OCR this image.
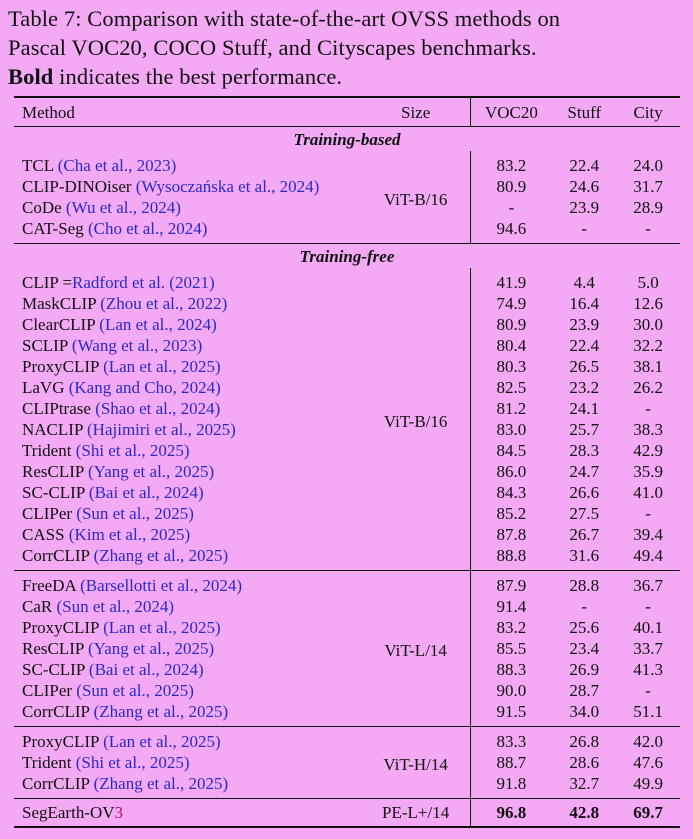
Table 7: Comparison with state-of-the-art OVSS methods on
Pascal VOC20, COCO Stuff, and Cityscapes benchmarks.
Bold indicates the best performance.
Method	Size	VOC20	Stuff	City
Training-based				
TCL (Cha et al., 2023)	ViT-B/16	83.2	22.4	24.0
CLIP-DINOiser (Wysoczańska et al., 2024)		80.9	24.6	31.7
CoDe (Wu et al., 2024)		-	23.9	28.9
CAT-Seg (Cho et al., 2024)		94.6	-	-
Training-free				
CLIP =Radford et al. (2021)	ViT-B/16	41.9	4.4	5.0
MaskCLIP (Zhou et al., 2022)		74.9	16.4	12.6
ClearCLIP (Lan et al., 2024)		80.9	23.9	30.0
SCLIP (Wang et al., 2023)		80.4	22.4	32.2
ProxyCLIP (Lan et al., 2025)		80.3	26.5	38.1
LaVG (Kang and Cho, 2024)		82.5	23.2	26.2
CLIPtrase (Shao et al., 2024)		81.2	24.1	-
NACLIP (Hajimiri et al., 2025)		83.0	25.7	38.3
Trident (Shi et al., 2025)		84.5	28.3	42.9
ResCLIP (Yang et al., 2025)		86.0	24.7	35.9
SC-CLIP (Bai et al., 2024)		84.3	26.6	41.0
CLIPer (Sun et al., 2025)		85.2	27.5	-
CASS (Kim et al., 2025)		87.8	26.7	39.4
CorrCLIP (Zhang et al., 2025)		88.8	31.6	49.4
FreeDA (Barsellotti et al., 2024)	ViT-L/14	87.9	28.8	36.7
CaR (Sun et al., 2024)		91.4	-	-
ProxyCLIP (Lan et al., 2025)		83.2	25.6	40.1
ResCLIP (Yang et al., 2025)		85.5	23.4	33.7
SC-CLIP (Bai et al., 2024)		88.3	26.9	41.3
CLIPer (Sun et al., 2025)		90.0	28.7	-
CorrCLIP (Zhang et al., 2025)		91.5	34.0	51.1
ProxyCLIP (Lan et al., 2025)	ViT-H/14	83.3	26.8	42.0
Trident (Shi et al., 2025)		88.7	28.6	47.6
CorrCLIP (Zhang et al., 2025)		91.8	32.7	49.9
SegEarth-OV3	PE-L+/14	96.8	42.8	69.7
